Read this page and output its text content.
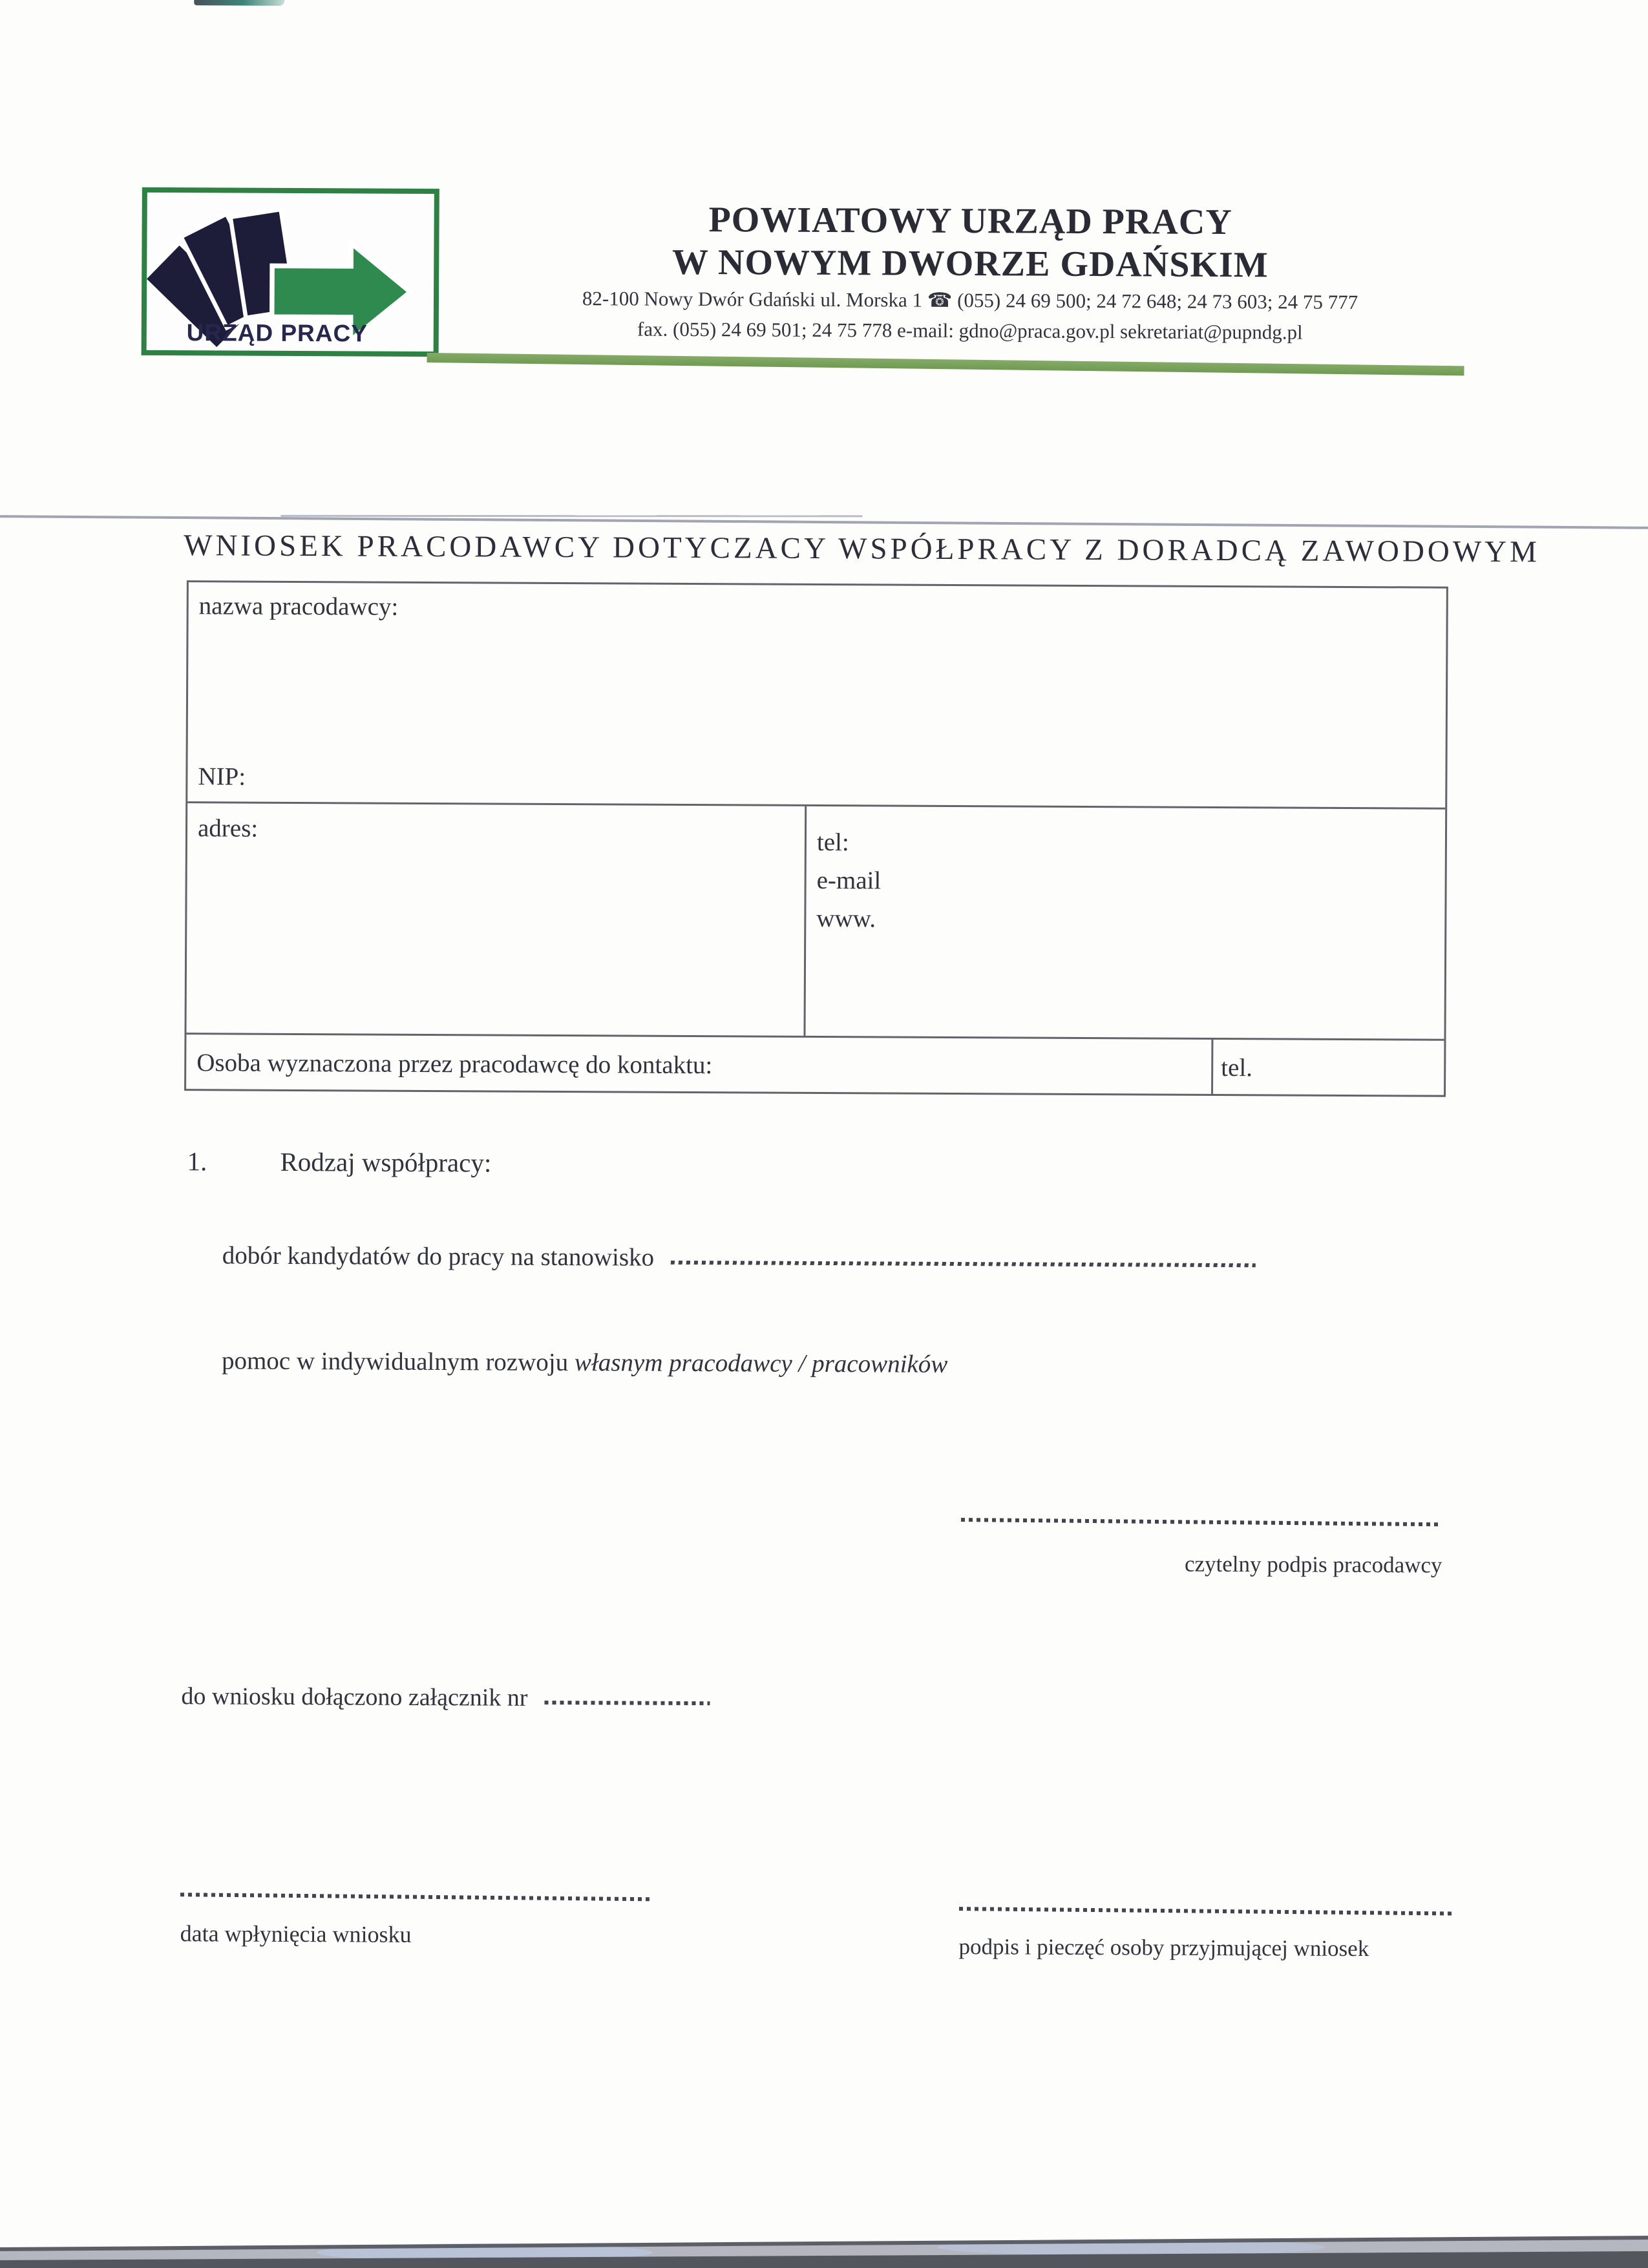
URZĄD PRACY
POWIATOWY URZĄD PRACY
W NOWYM DWORZE GDAŃSKIM
82-100 Nowy Dwór Gdański ul. Morska 1 ☎ (055) 24 69 500; 24 72 648; 24 73 603; 24 75 777
fax. (055) 24 69 501; 24 75 778 e-mail: gdno@praca.gov.pl sekretariat@pupndg.pl
WNIOSEK PRACODAWCY DOTYCZACY WSPÓŁPRACY Z DORADCĄ ZAWODOWYM
nazwa pracodawcy:
NIP:
adres:	tel:
e-mail
www.
Osoba wyznaczona przez pracodawcę do kontaktu:	tel.
1.	Rodzaj współpracy:
dobór kandydatów do pracy na stanowisko
pomoc w indywidualnym rozwoju własnym pracodawcy / pracowników
czytelny podpis pracodawcy
do wniosku dołączono załącznik nr
data wpłynięcia wniosku
podpis i pieczęć osoby przyjmującej wniosek
